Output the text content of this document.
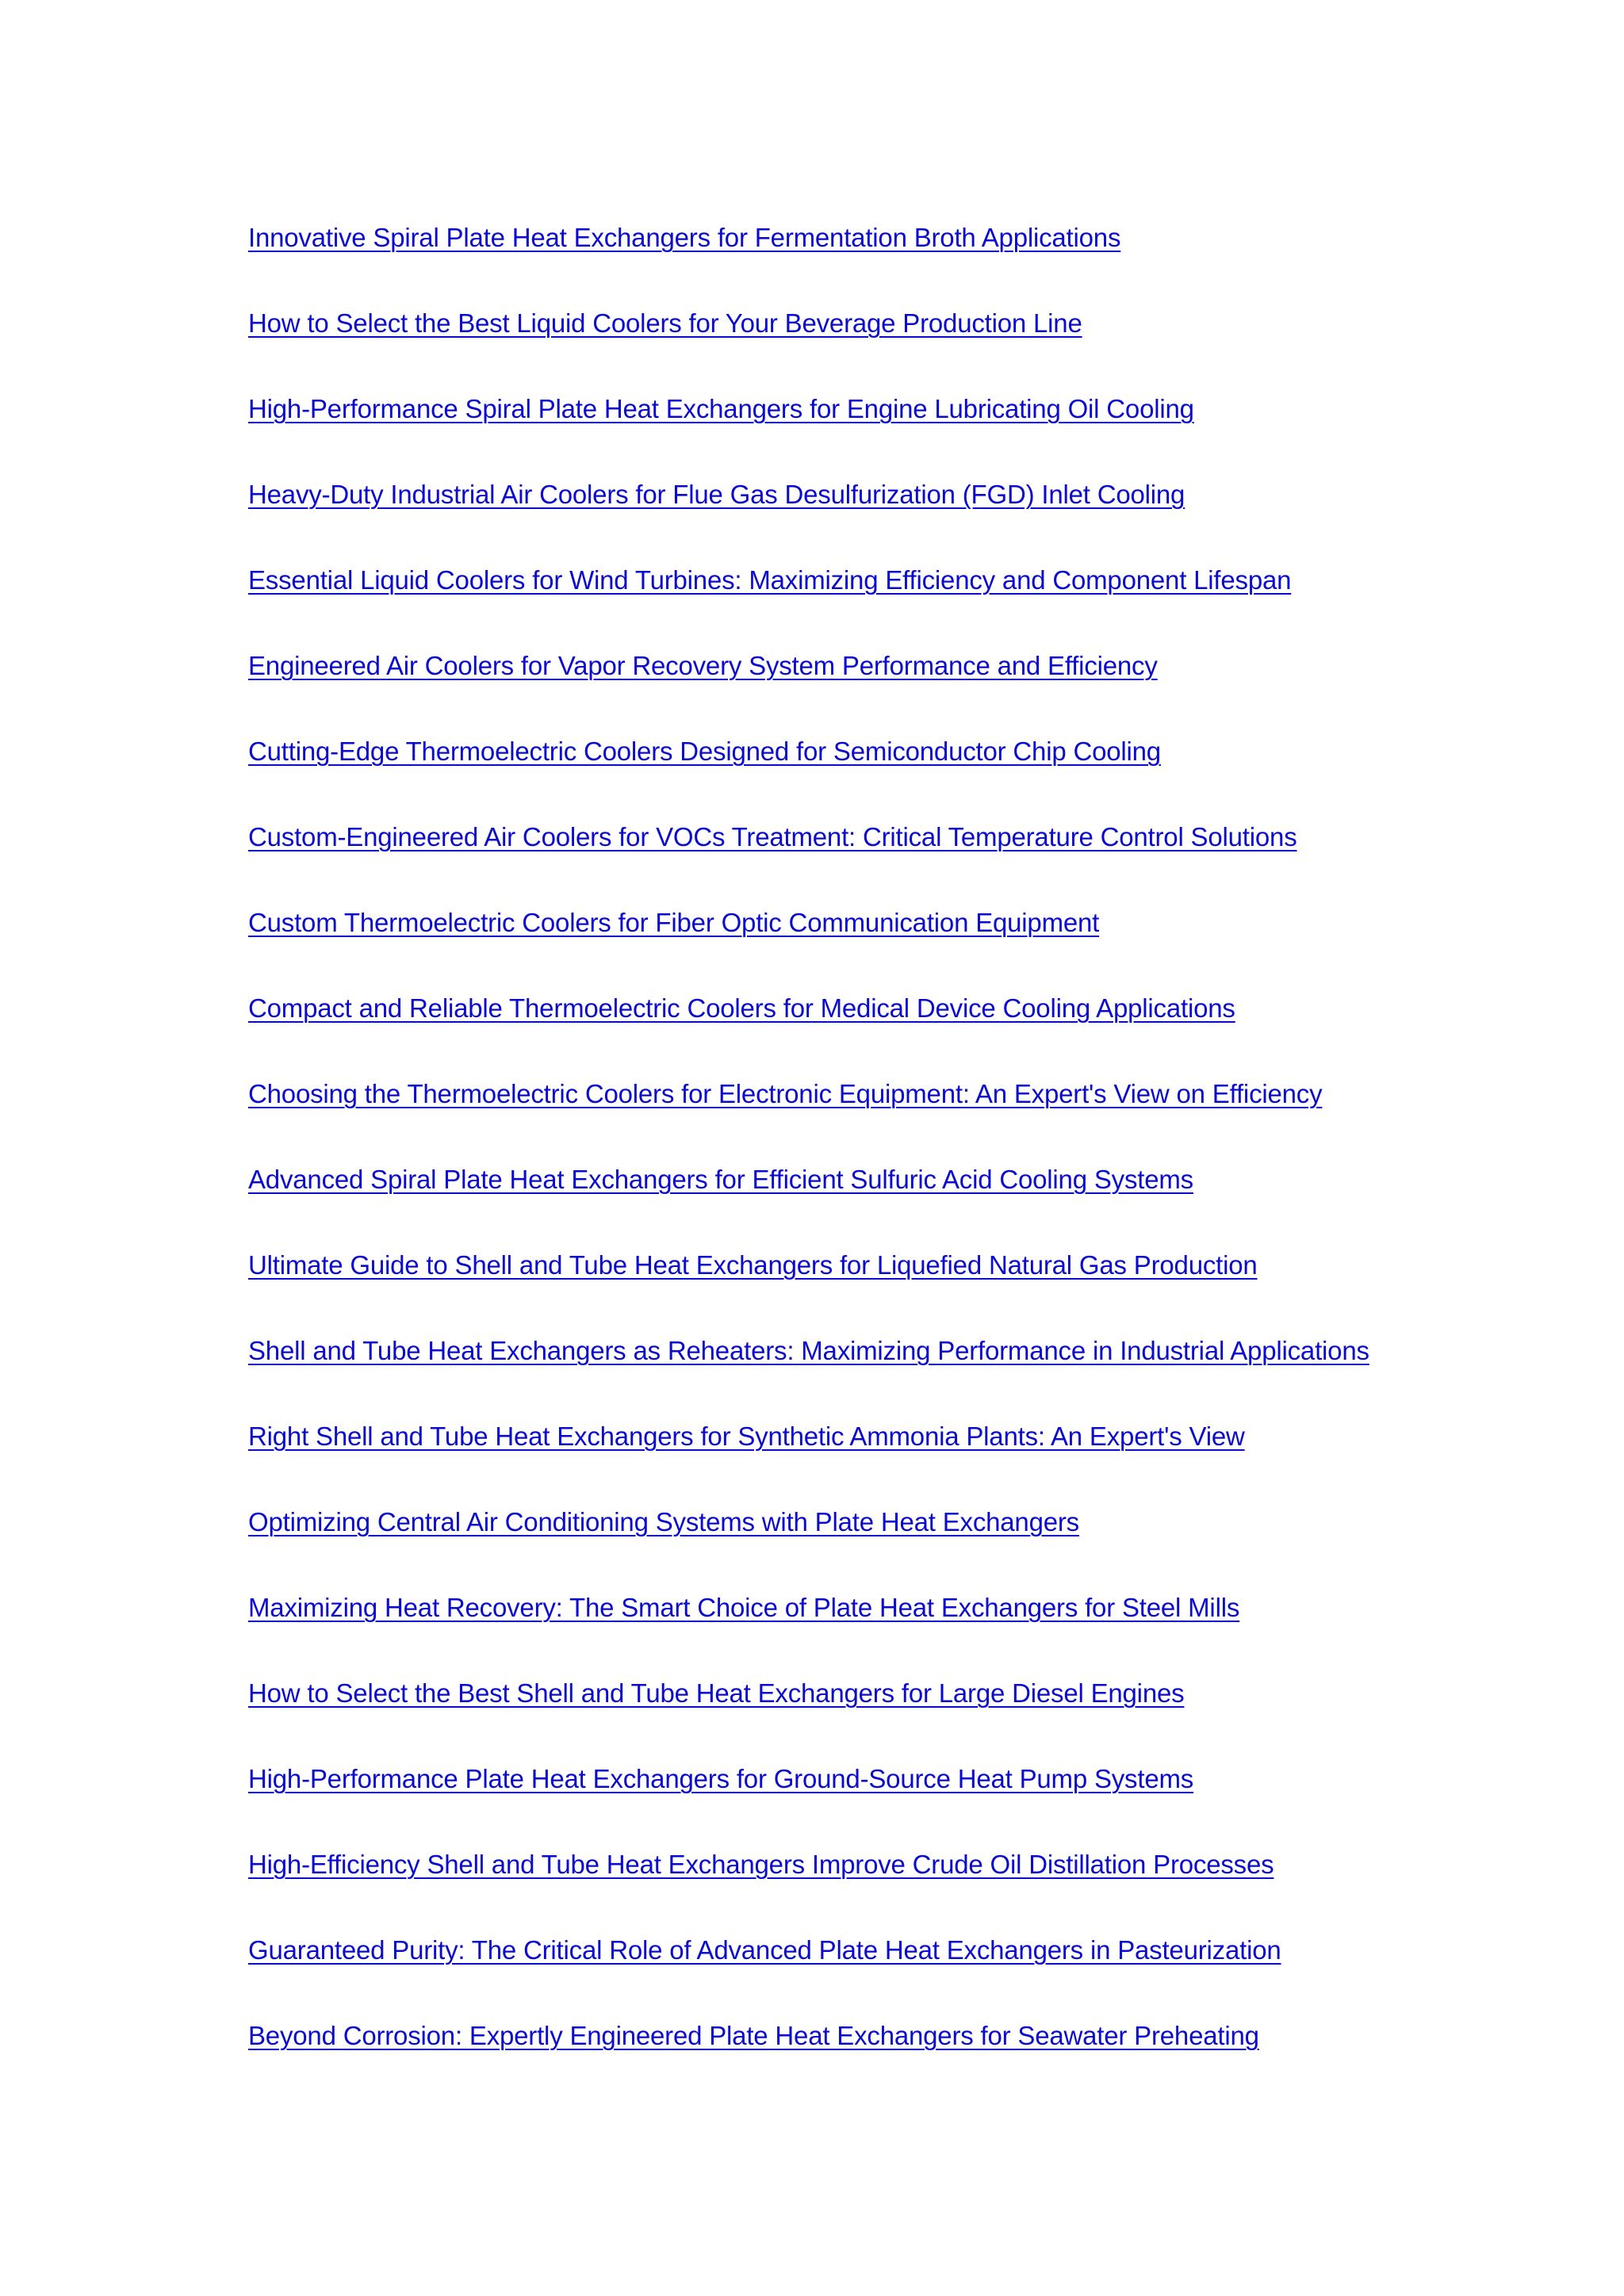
Innovative Spiral Plate Heat Exchangers for Fermentation Broth Applications
How to Select the Best Liquid Coolers for Your Beverage Production Line
High-Performance Spiral Plate Heat Exchangers for Engine Lubricating Oil Cooling
Heavy-Duty Industrial Air Coolers for Flue Gas Desulfurization (FGD) Inlet Cooling
Essential Liquid Coolers for Wind Turbines: Maximizing Efficiency and Component Lifespan
Engineered Air Coolers for Vapor Recovery System Performance and Efficiency
Cutting-Edge Thermoelectric Coolers Designed for Semiconductor Chip Cooling
Custom-Engineered Air Coolers for VOCs Treatment: Critical Temperature Control Solutions
Custom Thermoelectric Coolers for Fiber Optic Communication Equipment
Compact and Reliable Thermoelectric Coolers for Medical Device Cooling Applications
Choosing the Thermoelectric Coolers for Electronic Equipment: An Expert's View on Efficiency
Advanced Spiral Plate Heat Exchangers for Efficient Sulfuric Acid Cooling Systems
Ultimate Guide to Shell and Tube Heat Exchangers for Liquefied Natural Gas Production
Shell and Tube Heat Exchangers as Reheaters: Maximizing Performance in Industrial Applications
Right Shell and Tube Heat Exchangers for Synthetic Ammonia Plants: An Expert's View
Optimizing Central Air Conditioning Systems with Plate Heat Exchangers
Maximizing Heat Recovery: The Smart Choice of Plate Heat Exchangers for Steel Mills
How to Select the Best Shell and Tube Heat Exchangers for Large Diesel Engines
High-Performance Plate Heat Exchangers for Ground-Source Heat Pump Systems
High-Efficiency Shell and Tube Heat Exchangers Improve Crude Oil Distillation Processes
Guaranteed Purity: The Critical Role of Advanced Plate Heat Exchangers in Pasteurization
Beyond Corrosion: Expertly Engineered Plate Heat Exchangers for Seawater Preheating
